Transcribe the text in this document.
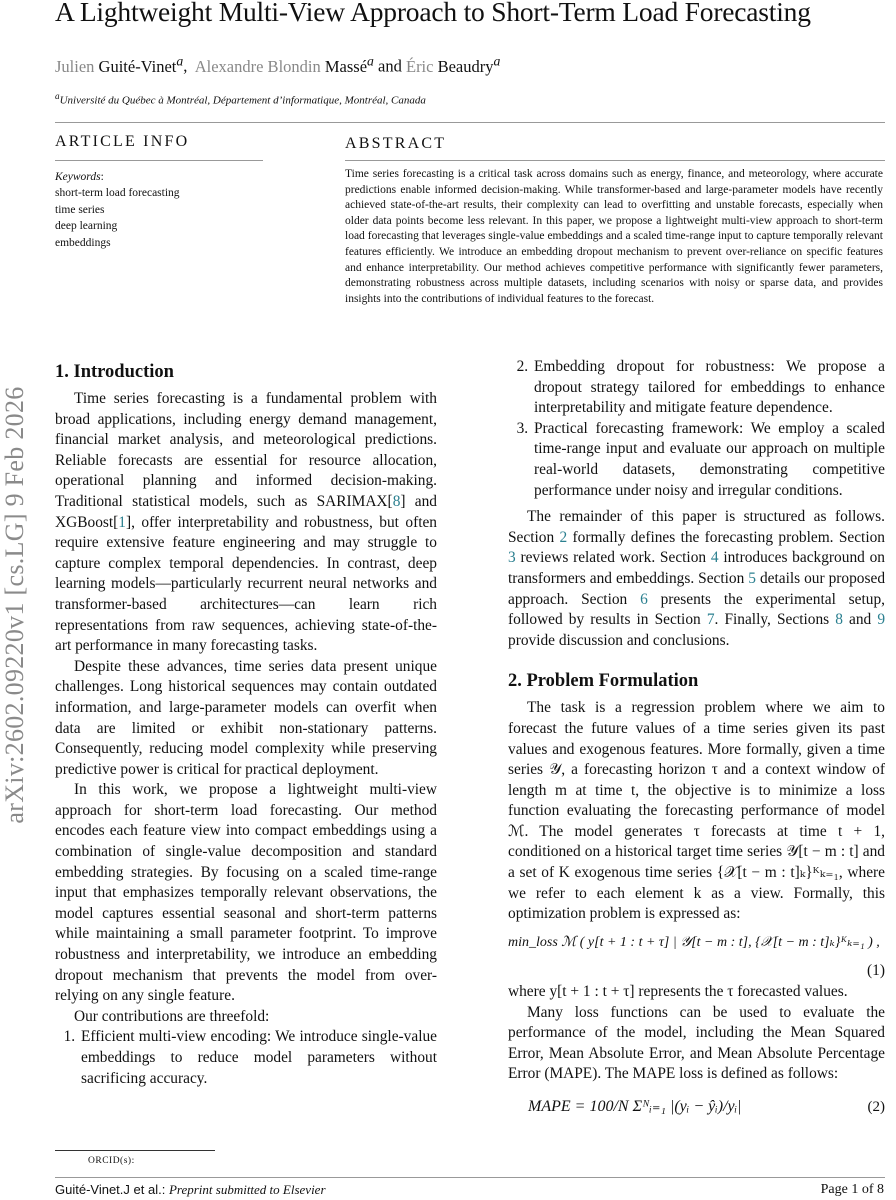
A Lightweight Multi-View Approach to Short-Term Load Forecasting
Julien Guité-Vinet$^a$, Alexandre Blondin Massé$^a$ and Éric Beaudry$^a$
$^a$Université du Québec à Montréal, Département d’informatique, Montréal, Canada
ARTICLE INFO
Keywords:
short-term load forecasting
time series
deep learning
embeddings
ABSTRACT
Time series forecasting is a critical task across domains such as energy, finance, and meteorology, where accurate predictions enable informed decision-making. While transformer-based and large-parameter models have recently achieved state-of-the-art results, their complexity can lead to overfitting and unstable forecasts, especially when older data points become less relevant. In this paper, we propose a lightweight multi-view approach to short-term load forecasting that leverages single-value embeddings and a scaled time-range input to capture temporally relevant features efficiently. We introduce an embedding dropout mechanism to prevent over-reliance on specific features and enhance interpretability. Our method achieves competitive performance with significantly fewer parameters, demonstrating robustness across multiple datasets, including scenarios with noisy or sparse data, and provides insights into the contributions of individual features to the forecast.
arXiv:2602.09220v1 [cs.LG] 9 Feb 2026
1. Introduction

Time series forecasting is a fundamental problem with broad applications, including energy demand management, financial market analysis, and meteorological predictions. Reliable forecasts are essential for resource allocation, operational planning and informed decision-making. Traditional statistical models, such as SARIMAX[8] and XGBoost[1], offer interpretability and robustness, but often require extensive feature engineering and may struggle to capture complex temporal dependencies. In contrast, deep learning models—particularly recurrent neural networks and transformer-based architectures—can learn rich representations from raw sequences, achieving state-of-the-art performance in many forecasting tasks.

Despite these advances, time series data present unique challenges. Long historical sequences may contain outdated information, and large-parameter models can overfit when data are limited or exhibit non-stationary patterns. Consequently, reducing model complexity while preserving predictive power is critical for practical deployment.

In this work, we propose a lightweight multi-view approach for short-term load forecasting. Our method encodes each feature view into compact embeddings using a combination of single-value decomposition and standard embedding strategies. By focusing on a scaled time-range input that emphasizes temporally relevant observations, the model captures essential seasonal and short-term patterns while maintaining a small parameter footprint. To improve robustness and interpretability, we introduce an embedding dropout mechanism that prevents the model from over-relying on any single feature.

Our contributions are threefold:

1. Efficient multi-view encoding: We introduce single-value embeddings to reduce model parameters without sacrificing accuracy.
ORCID(s):
2. Embedding dropout for robustness: We propose a dropout strategy tailored for embeddings to enhance interpretability and mitigate feature dependence.
3. Practical forecasting framework: We employ a scaled time-range input and evaluate our approach on multiple real-world datasets, demonstrating competitive performance under noisy and irregular conditions.

The remainder of this paper is structured as follows. Section 2 formally defines the forecasting problem. Section 3 reviews related work. Section 4 introduces background on transformers and embeddings. Section 5 details our proposed approach. Section 6 presents the experimental setup, followed by results in Section 7. Finally, Sections 8 and 9 provide discussion and conclusions.

2. Problem Formulation

The task is a regression problem where we aim to forecast the future values of a time series given its past values and exogenous features. More formally, given a time series 𝒴, a forecasting horizon τ and a context window of length m at time t, the objective is to minimize a loss function evaluating the forecasting performance of model ℳ. The model generates τ forecasts at time t + 1, conditioned on a historical target time series 𝒴[t − m : t] and a set of K exogenous time series {𝒳[t − m : t]ₖ}ᴷₖ₌₁, where we refer to each element k as a view. Formally, this optimization problem is expressed as:

min_loss ℳ ( y[t + 1 : t + τ] | 𝒴[t − m : t], {𝒳[t − m : t]ₖ}ᴷₖ₌₁ ) ,
(1)

where y[t + 1 : t + τ] represents the τ forecasted values.

Many loss functions can be used to evaluate the performance of the model, including the Mean Squared Error, Mean Absolute Error, and Mean Absolute Percentage Error (MAPE). The MAPE loss is defined as follows:

MAPE = 100/N Σᴺᵢ₌₁ |(yᵢ − ŷᵢ)/yᵢ|	(2)
Guité-Vinet.J et al.: Preprint submitted to Elsevier	Page 1 of 8
